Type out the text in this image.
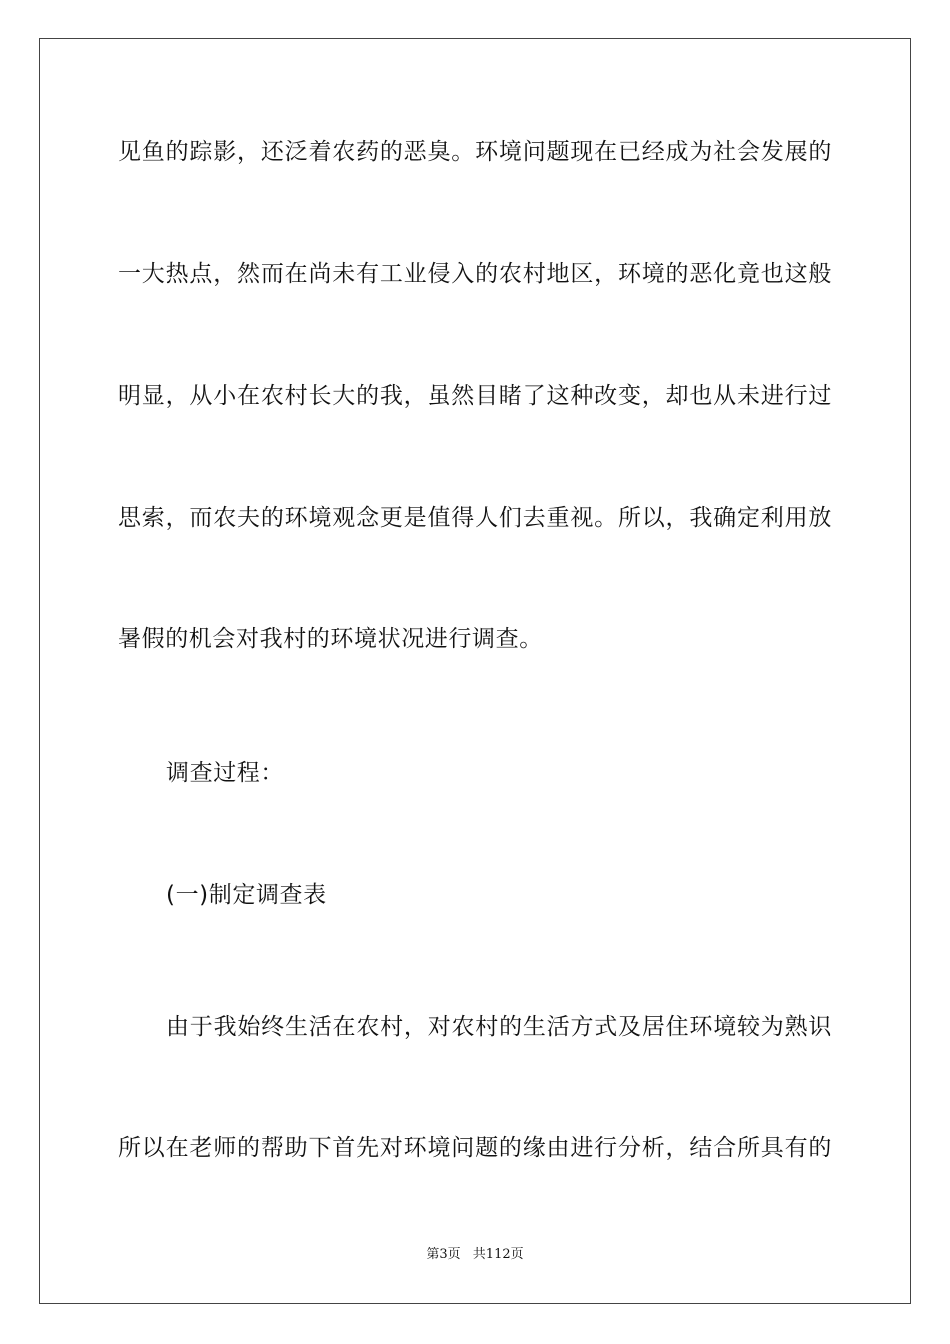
见鱼的踪影，还泛着农药的恶臭。环境问题现在已经成为社会发展的
一大热点，然而在尚未有工业侵入的农村地区，环境的恶化竟也这般
明显，从小在农村长大的我，虽然目睹了这种改变，却也从未进行过
思索，而农夫的环境观念更是值得人们去重视。所以，我确定利用放
暑假的机会对我村的环境状况进行调查。
调查过程：
(一)制定调查表
由于我始终生活在农村，对农村的生活方式及居住环境较为熟识
所以在老师的帮助下首先对环境问题的缘由进行分析，结合所具有的
第3页 共112页
